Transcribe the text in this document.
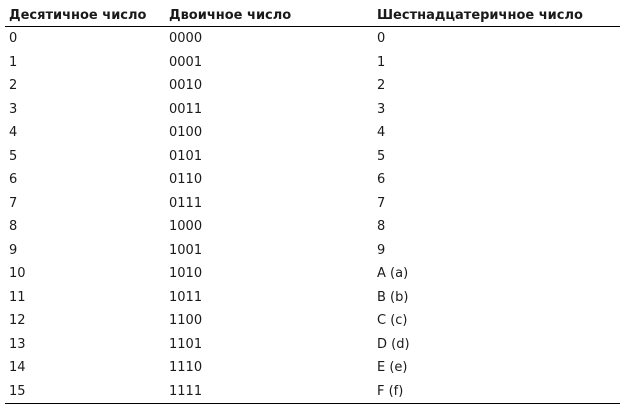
Десятичное число	Двоичное число	Шестнадцатеричное число
0	0000	0
1	0001	1
2	0010	2
3	0011	3
4	0100	4
5	0101	5
6	0110	6
7	0111	7
8	1000	8
9	1001	9
10	1010	A (a)
11	1011	B (b)
12	1100	C (c)
13	1101	D (d)
14	1110	E (e)
15	1111	F (f)
